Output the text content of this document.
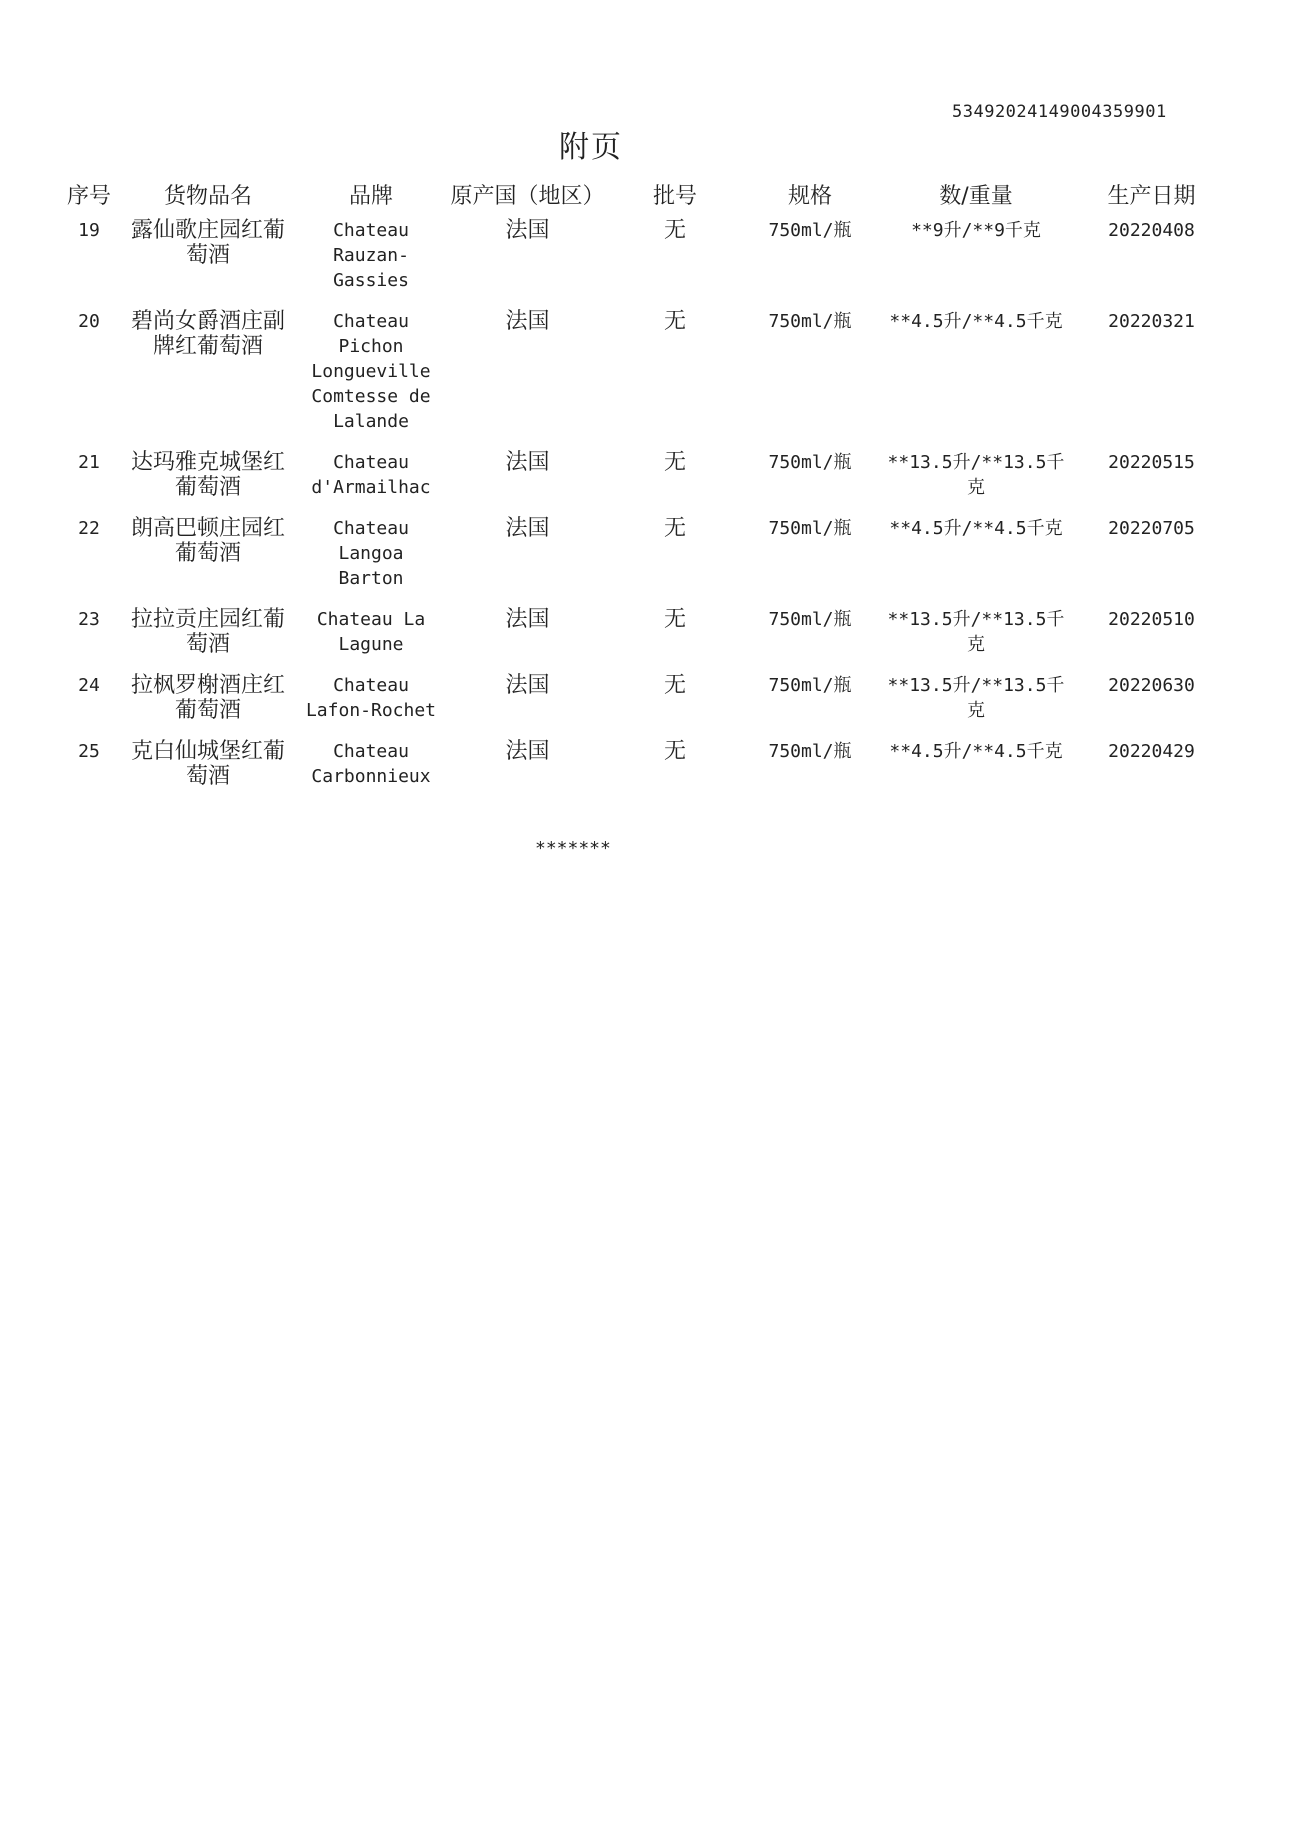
53492024149004359901
附页
序号	货物品名	品牌	原产国（地区）	批号	规格	数/重量	生产日期
19	露仙歌庄园红葡萄酒	Chateau Rauzan-Gassies	法国	无	750ml/瓶	**9升/**9千克	20220408
20	碧尚女爵酒庄副牌红葡萄酒	Chateau Pichon Longueville Comtesse de Lalande	法国	无	750ml/瓶	**4.5升/**4.5千克	20220321
21	达玛雅克城堡红葡萄酒	Chateau d'Armailhac	法国	无	750ml/瓶	**13.5升/**13.5千克	20220515
22	朗高巴顿庄园红葡萄酒	Chateau Langoa Barton	法国	无	750ml/瓶	**4.5升/**4.5千克	20220705
23	拉拉贡庄园红葡萄酒	Chateau La Lagune	法国	无	750ml/瓶	**13.5升/**13.5千克	20220510
24	拉枫罗榭酒庄红葡萄酒	Chateau Lafon-Rochet	法国	无	750ml/瓶	**13.5升/**13.5千克	20220630
25	克白仙城堡红葡萄酒	Chateau Carbonnieux	法国	无	750ml/瓶	**4.5升/**4.5千克	20220429
*******
